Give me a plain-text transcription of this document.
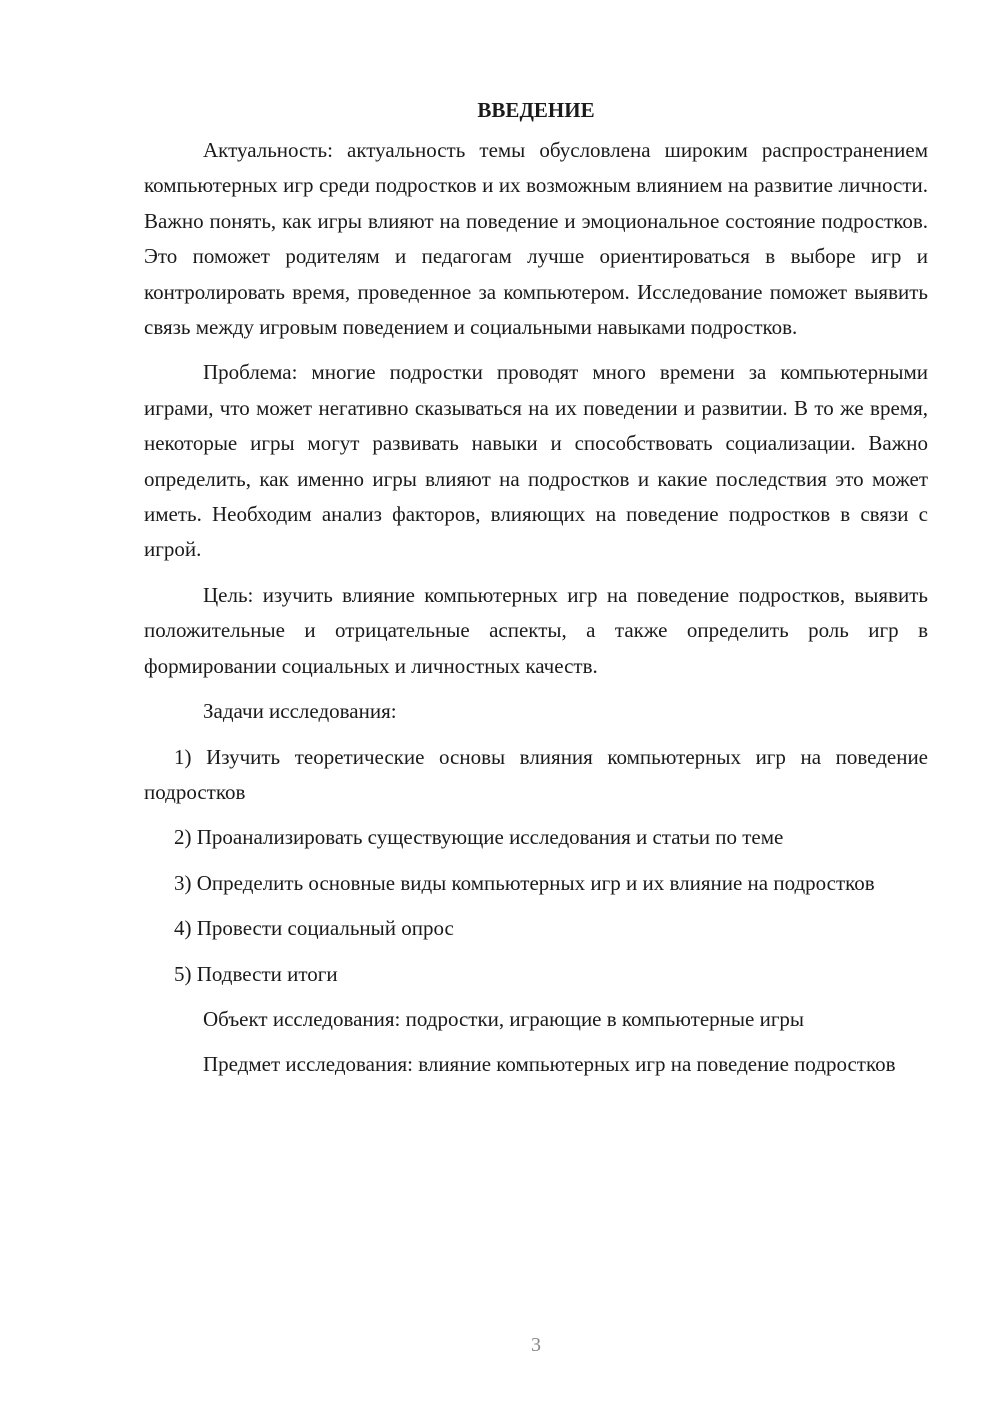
ВВЕДЕНИЕ

Актуальность: актуальность темы обусловлена широким распространением компьютерных игр среди подростков и их возможным влиянием на развитие личности. Важно понять, как игры влияют на поведение и эмоциональное состояние подростков. Это поможет родителям и педагогам лучше ориентироваться в выборе игр и контролировать время, проведенное за компьютером. Исследование поможет выявить связь между игровым поведением и социальными навыками подростков.

Проблема: многие подростки проводят много времени за компьютерными играми, что может негативно сказываться на их поведении и развитии. В то же время, некоторые игры могут развивать навыки и способствовать социализации. Важно определить, как именно игры влияют на подростков и какие последствия это может иметь. Необходим анализ факторов, влияющих на поведение подростков в связи с игрой.

Цель: изучить влияние компьютерных игр на поведение подростков, выявить положительные и отрицательные аспекты, а также определить роль игр в формировании социальных и личностных качеств.

Задачи исследования:

1) Изучить теоретические основы влияния компьютерных игр на поведение подростков

2) Проанализировать существующие исследования и статьи по теме

3) Определить основные виды компьютерных игр и их влияние на подростков

4) Провести социальный опрос

5) Подвести итоги

Объект исследования: подростки, играющие в компьютерные игры

Предмет исследования: влияние компьютерных игр на поведение подростков

3
